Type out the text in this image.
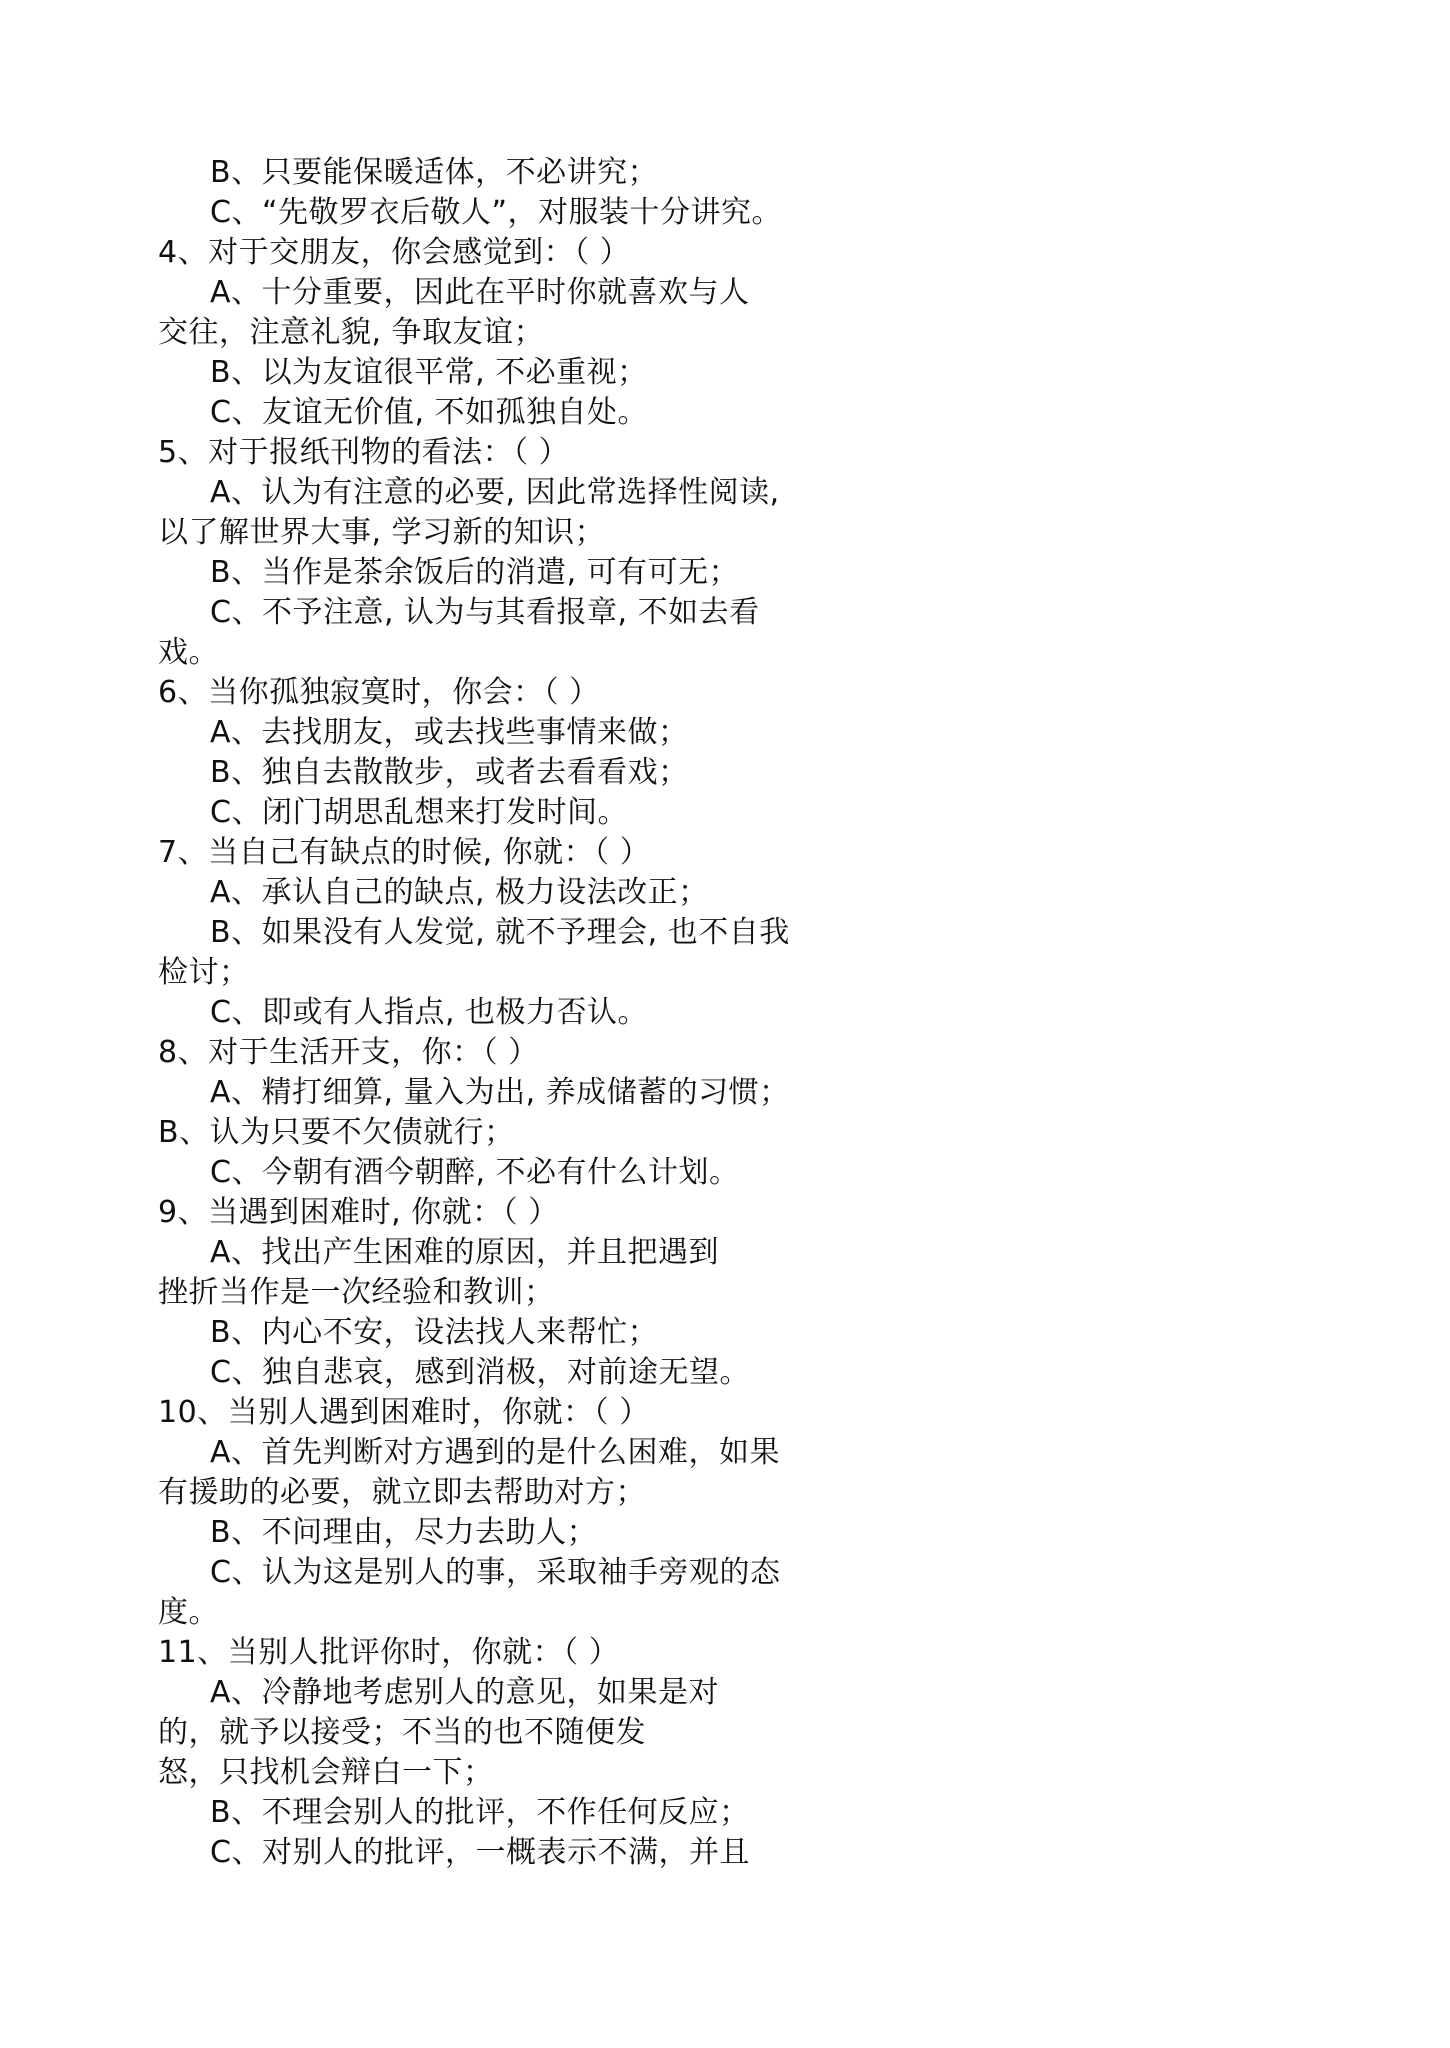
B、只要能保暖适体，不必讲究；
C、“先敬罗衣后敬人”，对服装十分讲究。
4、对于交朋友，你会感觉到：（ ）
A、十分重要，因此在平时你就喜欢与人
交往，注意礼貌, 争取友谊；
B、以为友谊很平常, 不必重视；
C、友谊无价值, 不如孤独自处。
5、对于报纸刊物的看法：（ ）
A、认为有注意的必要, 因此常选择性阅读,
以了解世界大事, 学习新的知识；
B、当作是茶余饭后的消遣, 可有可无；
C、不予注意, 认为与其看报章, 不如去看
戏。
6、当你孤独寂寞时，你会：（ ）
A、去找朋友，或去找些事情来做；
B、独自去散散步，或者去看看戏；
C、闭门胡思乱想来打发时间。
7、当自己有缺点的时候, 你就：（ ）
A、承认自己的缺点, 极力设法改正；
B、如果没有人发觉, 就不予理会, 也不自我
检讨；
C、即或有人指点, 也极力否认。
8、对于生活开支，你：（ ）
A、精打细算, 量入为出, 养成储蓄的习惯；
B、认为只要不欠债就行；
C、今朝有酒今朝醉, 不必有什么计划。
9、当遇到困难时, 你就：（ ）
A、找出产生困难的原因，并且把遇到
挫折当作是一次经验和教训；
B、内心不安，设法找人来帮忙；
C、独自悲哀，感到消极，对前途无望。
10、当别人遇到困难时，你就：（ ）
A、首先判断对方遇到的是什么困难，如果
有援助的必要，就立即去帮助对方；
B、不问理由，尽力去助人；
C、认为这是别人的事，采取袖手旁观的态
度。
11、当别人批评你时，你就：（ ）
A、冷静地考虑别人的意见，如果是对
的，就予以接受；不当的也不随便发
怒，只找机会辩白一下；
B、不理会别人的批评，不作任何反应；
C、对别人的批评，一概表示不满，并且
